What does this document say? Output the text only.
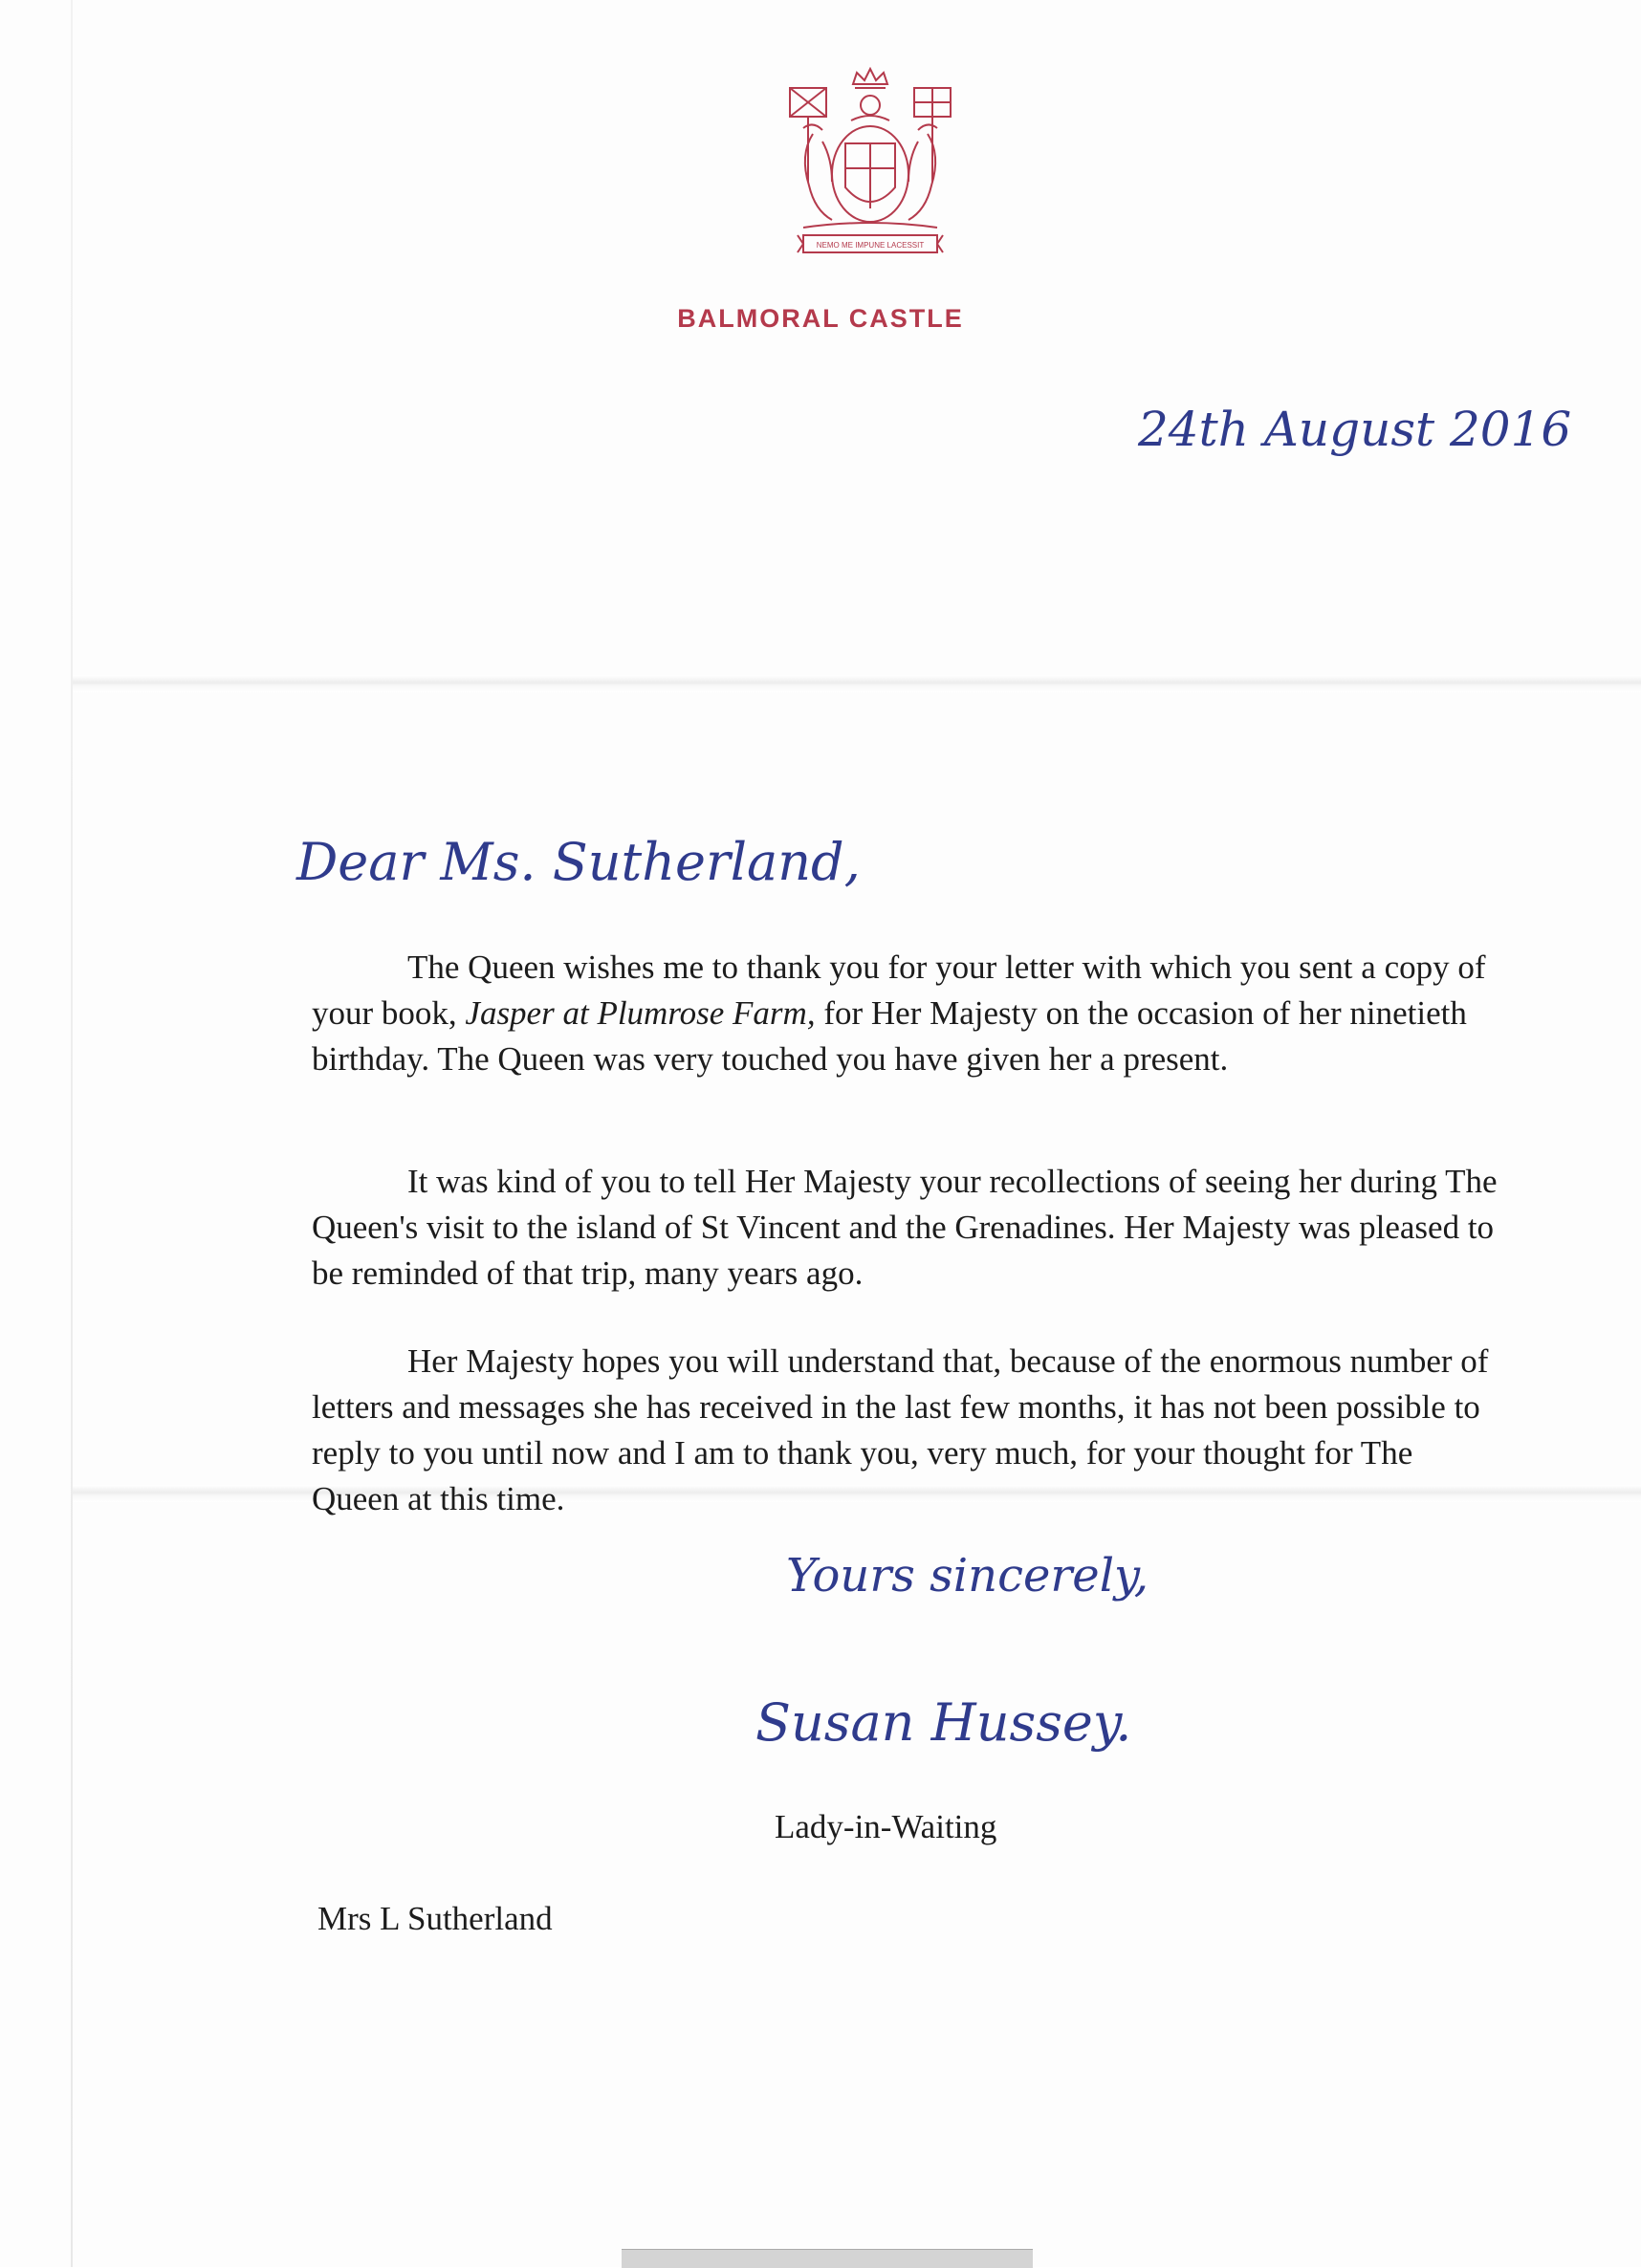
NEMO ME IMPUNE LACESSIT
BALMORAL CASTLE
24th August 2016
Dear Ms. Sutherland,

The Queen wishes me to thank you for your letter with which you sent a copy of your book, Jasper at Plumrose Farm, for Her Majesty on the occasion of her ninetieth birthday. The Queen was very touched you have given her a present.

It was kind of you to tell Her Majesty your recollections of seeing her during The Queen's visit to the island of St Vincent and the Grenadines. Her Majesty was pleased to be reminded of that trip, many years ago.

Her Majesty hopes you will understand that, because of the enormous number of letters and messages she has received in the last few months, it has not been possible to reply to you until now and I am to thank you, very much, for your thought for The Queen at this time.

Yours sincerely,
Susan Hussey.
Lady-in-Waiting
Mrs L Sutherland
